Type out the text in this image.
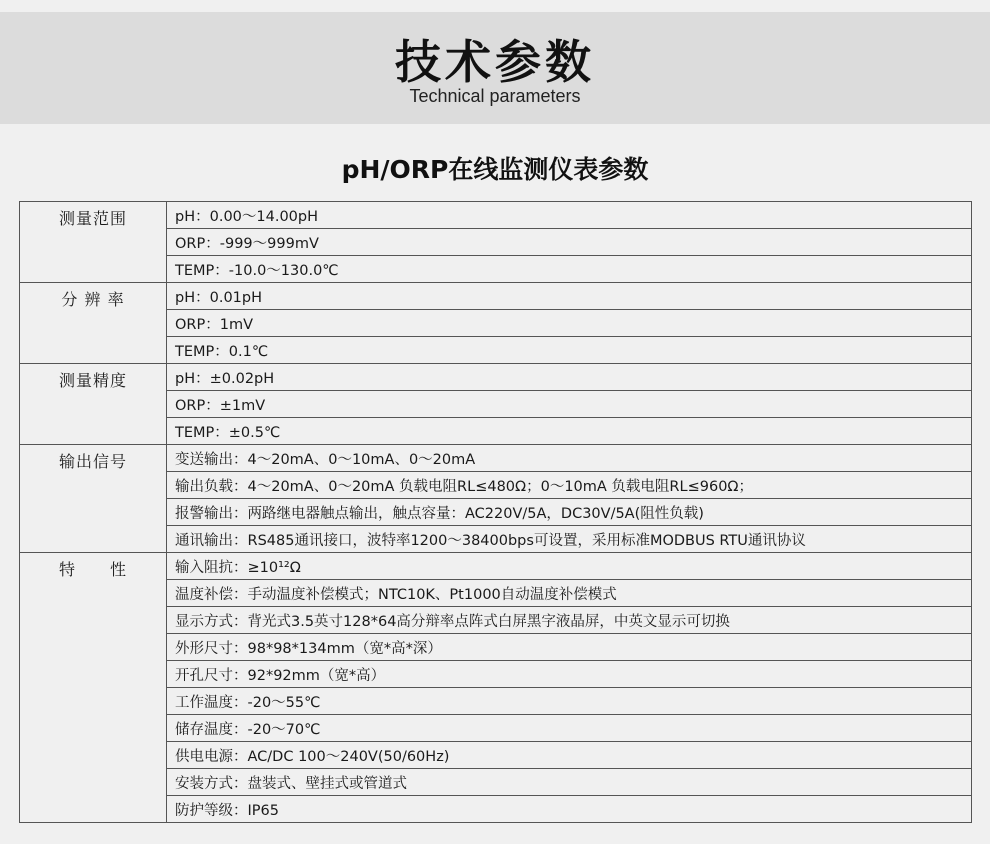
技术参数
Technical parameters
pH/ORP在线监测仪表参数
测量范围	pH：0.00～14.00pH
	ORP：-999～999mV
	TEMP：-10.0～130.0℃
分 辨 率	pH：0.01pH
	ORP：1mV
	TEMP：0.1℃
测量精度	pH：±0.02pH
	ORP：±1mV
	TEMP：±0.5℃
输出信号	变送输出：4～20mA、0～10mA、0～20mA
	输出负载：4～20mA、0～20mA 负载电阻RL≤480Ω；0～10mA 负载电阻RL≤960Ω；
	报警输出：两路继电器触点输出，触点容量：AC220V/5A，DC30V/5A(阻性负载)
	通讯输出：RS485通讯接口，波特率1200～38400bps可设置，采用标准MODBUS RTU通讯协议
特　　性	输入阻抗：≥10¹²Ω
	温度补偿：手动温度补偿模式；NTC10K、Pt1000自动温度补偿模式
	显示方式：背光式3.5英寸128*64高分辩率点阵式白屏黑字液晶屏，中英文显示可切换
	外形尺寸：98*98*134mm（宽*高*深）
	开孔尺寸：92*92mm（宽*高）
	工作温度：-20～55℃
	储存温度：-20～70℃
	供电电源：AC/DC 100～240V(50/60Hz)
	安装方式：盘装式、壁挂式或管道式
	防护等级：IP65
